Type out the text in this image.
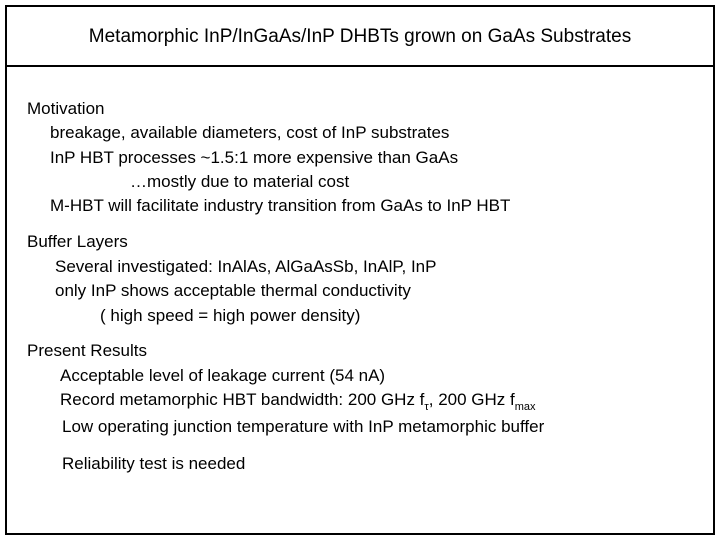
Metamorphic InP/InGaAs/InP DHBTs grown on GaAs Substrates
Motivation
breakage, available diameters, cost of InP substrates
InP HBT processes ~1.5:1 more expensive than GaAs
…mostly due to material cost
M-HBT will facilitate industry transition from GaAs to InP HBT
Buffer Layers
Several investigated: InAlAs, AlGaAsSb, InAlP, InP
only InP shows acceptable thermal conductivity
( high speed = high power density)
Present Results
Acceptable level of leakage current (54 nA)
Record metamorphic HBT bandwidth: 200 GHz $f_\tau$, 200 GHz $f_{max}$
Low operating junction temperature with InP metamorphic buffer
Reliability test is needed
